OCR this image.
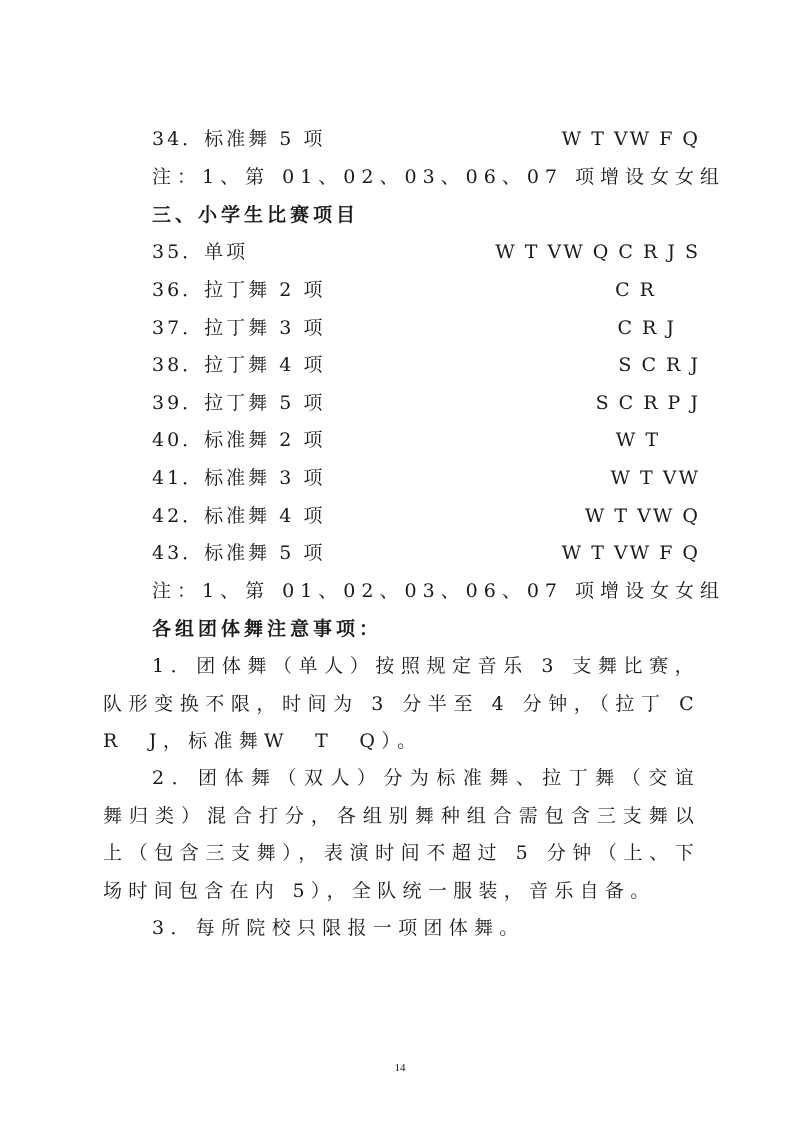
34．标准舞 5 项	W T VW F Q
注：1、第 01、02、03、06、07 项增设女女组
三、小学生比赛项目
35．单项	W T VW Q C R J S
36．拉丁舞 2 项	C R
37．拉丁舞 3 项	C R J
38．拉丁舞 4 项	S C R J
39．拉丁舞 5 项	S C R P J
40．标准舞 2 项	W T
41．标准舞 3 项	W T VW
42．标准舞 4 项	W T VW Q
43．标准舞 5 项	W T VW F Q
注：1、第 01、02、03、06、07 项增设女女组
各组团体舞注意事项：

1．团体舞（单人）按照规定音乐 3 支舞比赛，队形变换不限，时间为 3 分半至 4 分钟，（拉丁 C　R　J，标准舞W　T　Q）。

2．团体舞（双人）分为标准舞、拉丁舞（交谊舞归类）混合打分，各组别舞种组合需包含三支舞以上（包含三支舞），表演时间不超过 5 分钟（上、下场时间包含在内 5），全队统一服装，音乐自备。

3．每所院校只限报一项团体舞。

14
